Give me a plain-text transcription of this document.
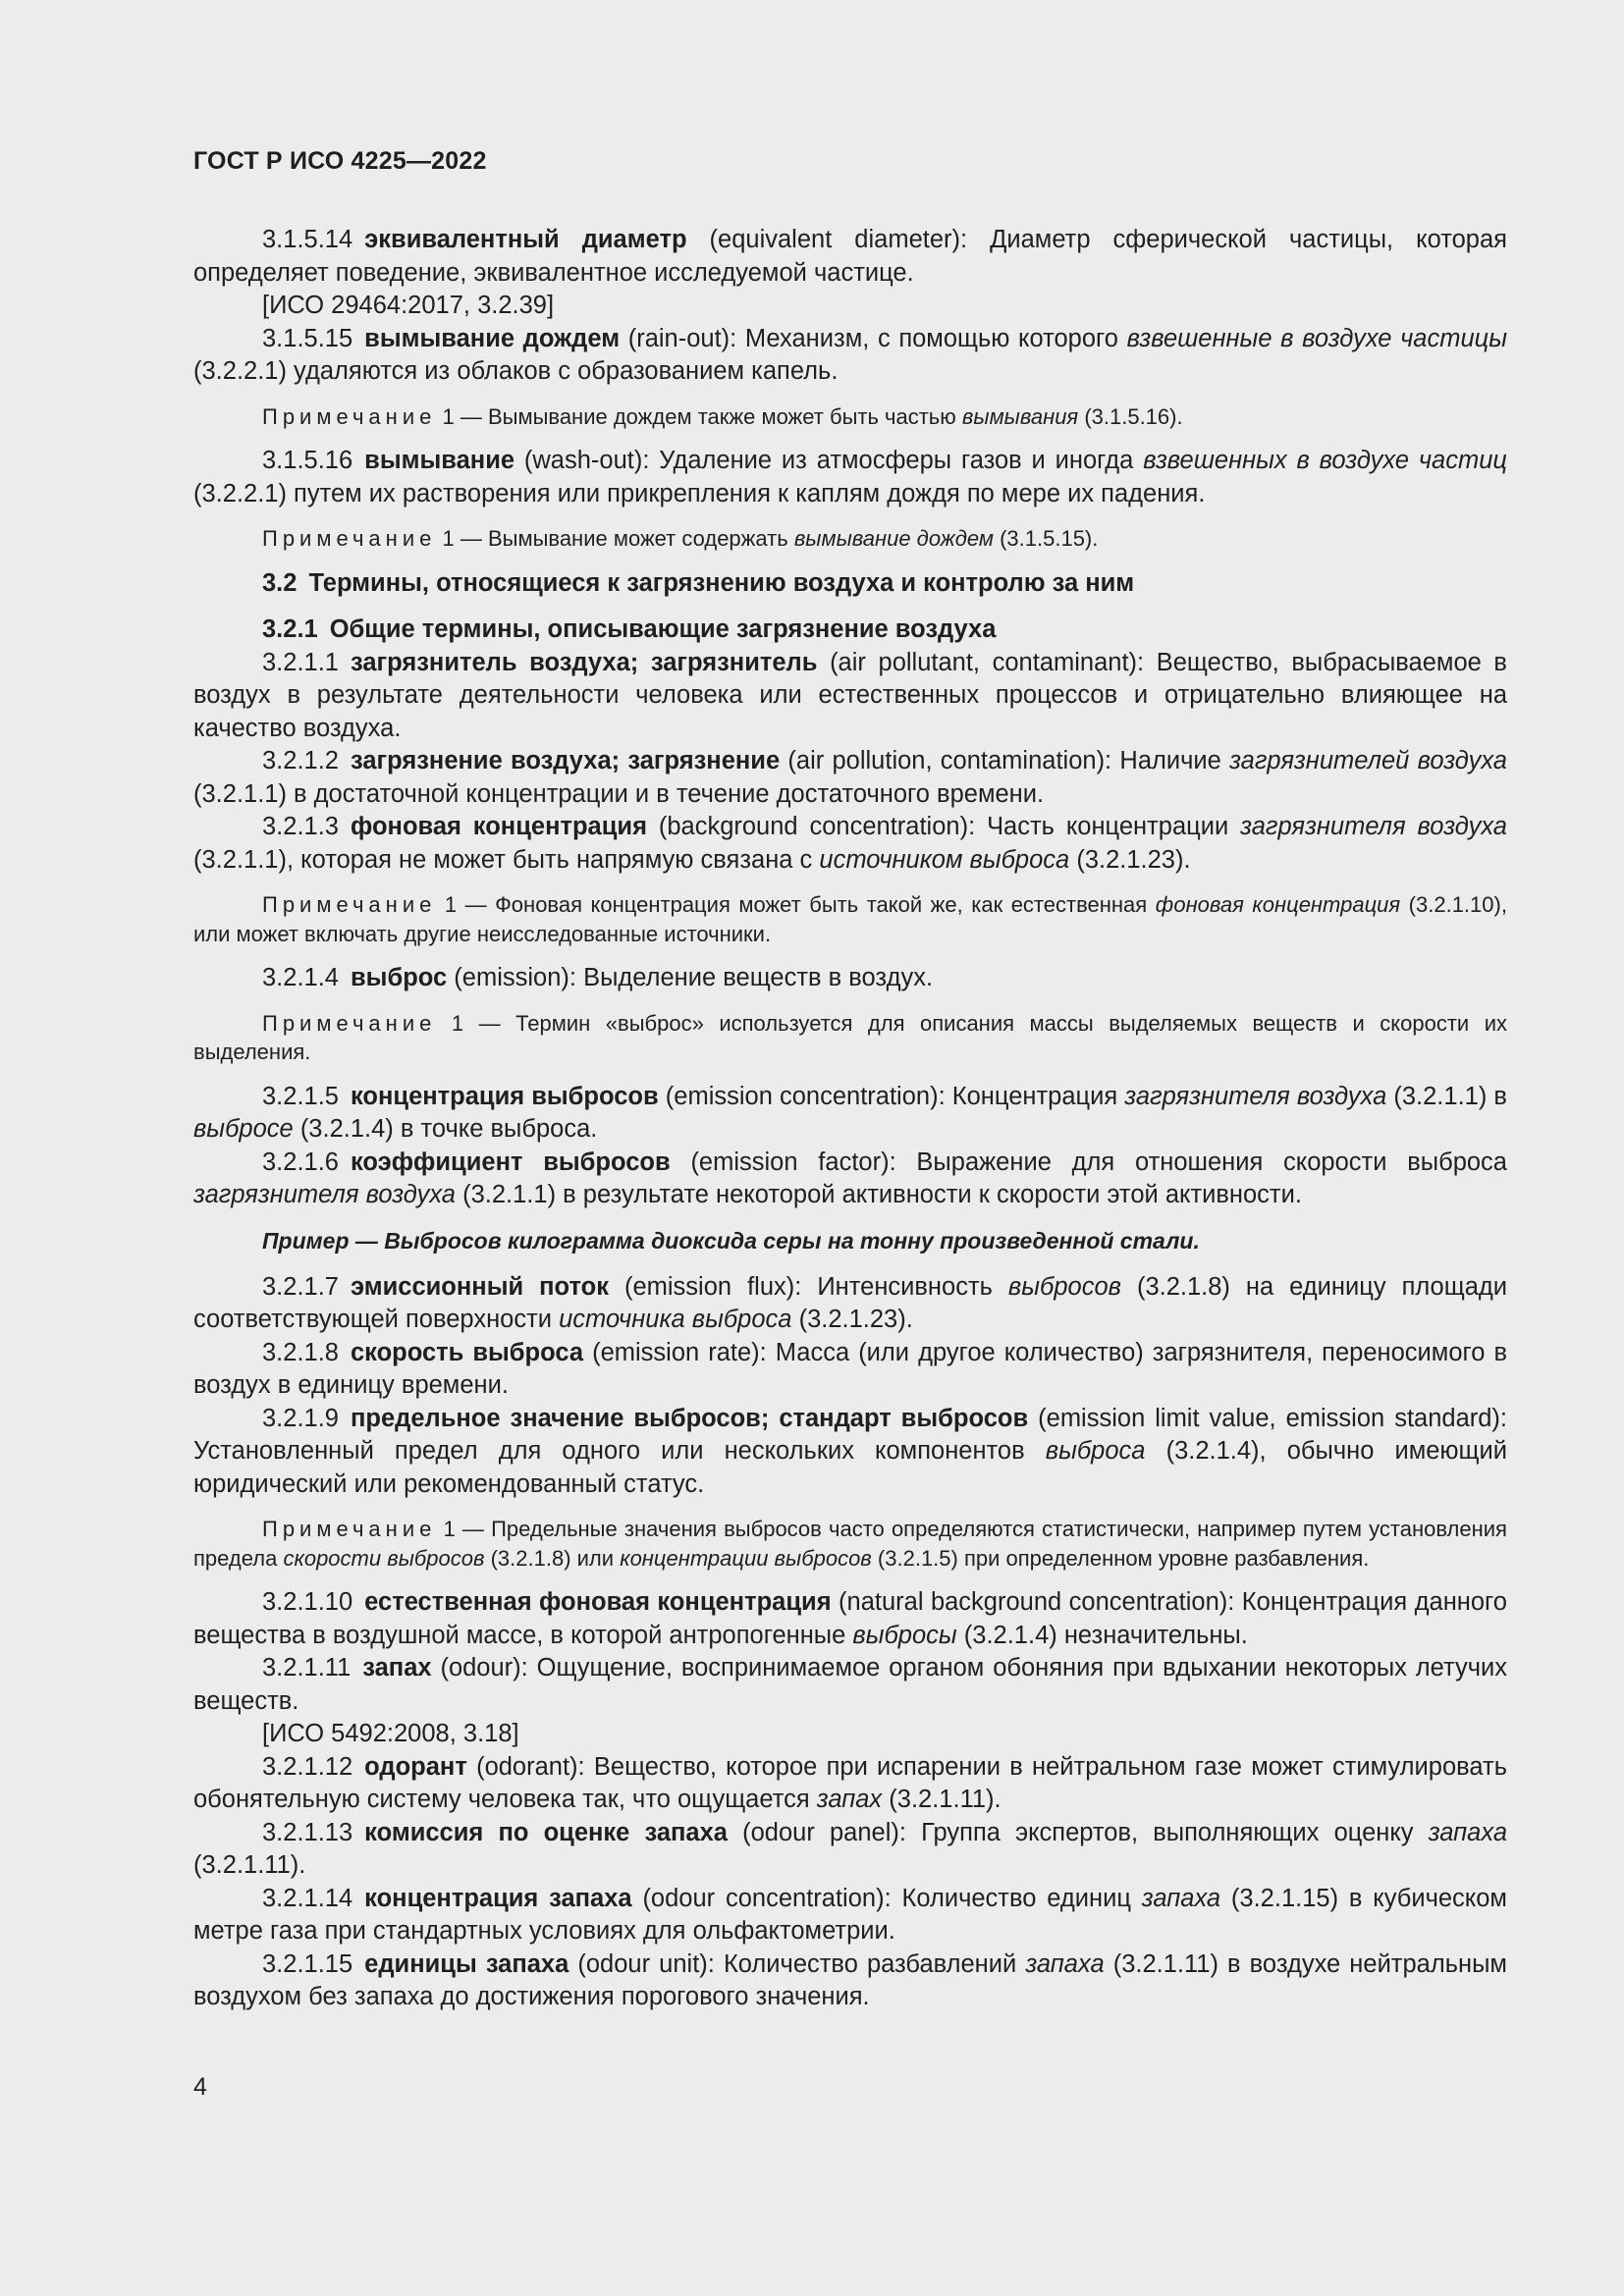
ГОСТ Р ИСО 4225—2022

3.1.5.14 эквивалентный диаметр (equivalent diameter): Диаметр сферической частицы, которая определяет поведение, эквивалентное исследуемой частице.

[ИСО 29464:2017, 3.2.39]

3.1.5.15 вымывание дождем (rain-out): Механизм, с помощью которого взвешенные в воздухе частицы (3.2.2.1) удаляются из облаков с образованием капель.

Примечание 1 — Вымывание дождем также может быть частью вымывания (3.1.5.16).

3.1.5.16 вымывание (wash-out): Удаление из атмосферы газов и иногда взвешенных в воздухе частиц (3.2.2.1) путем их растворения или прикрепления к каплям дождя по мере их падения.

Примечание 1 — Вымывание может содержать вымывание дождем (3.1.5.15).

3.2 Термины, относящиеся к загрязнению воздуха и контролю за ним

3.2.1 Общие термины, описывающие загрязнение воздуха

3.2.1.1 загрязнитель воздуха; загрязнитель (air pollutant, contaminant): Вещество, выбрасываемое в воздух в результате деятельности человека или естественных процессов и отрицательно влияющее на качество воздуха.

3.2.1.2 загрязнение воздуха; загрязнение (air pollution, contamination): Наличие загрязнителей воздуха (3.2.1.1) в достаточной концентрации и в течение достаточного времени.

3.2.1.3 фоновая концентрация (background concentration): Часть концентрации загрязнителя воздуха (3.2.1.1), которая не может быть напрямую связана с источником выброса (3.2.1.23).

Примечание 1 — Фоновая концентрация может быть такой же, как естественная фоновая концентрация (3.2.1.10), или может включать другие неисследованные источники.

3.2.1.4 выброс (emission): Выделение веществ в воздух.

Примечание 1 — Термин «выброс» используется для описания массы выделяемых веществ и скорости их выделения.

3.2.1.5 концентрация выбросов (emission concentration): Концентрация загрязнителя воздуха (3.2.1.1) в выбросе (3.2.1.4) в точке выброса.

3.2.1.6 коэффициент выбросов (emission factor): Выражение для отношения скорости выброса загрязнителя воздуха (3.2.1.1) в результате некоторой активности к скорости этой активности.

Пример — Выбросов килограмма диоксида серы на тонну произведенной стали.

3.2.1.7 эмиссионный поток (emission flux): Интенсивность выбросов (3.2.1.8) на единицу площади соответствующей поверхности источника выброса (3.2.1.23).

3.2.1.8 скорость выброса (emission rate): Масса (или другое количество) загрязнителя, переносимого в воздух в единицу времени.

3.2.1.9 предельное значение выбросов; стандарт выбросов (emission limit value, emission standard): Установленный предел для одного или нескольких компонентов выброса (3.2.1.4), обычно имеющий юридический или рекомендованный статус.

Примечание 1 — Предельные значения выбросов часто определяются статистически, например путем установления предела скорости выбросов (3.2.1.8) или концентрации выбросов (3.2.1.5) при определенном уровне разбавления.

3.2.1.10 естественная фоновая концентрация (natural background concentration): Концентрация данного вещества в воздушной массе, в которой антропогенные выбросы (3.2.1.4) незначительны.

3.2.1.11 запах (odour): Ощущение, воспринимаемое органом обоняния при вдыхании некоторых летучих веществ.

[ИСО 5492:2008, 3.18]

3.2.1.12 одорант (odorant): Вещество, которое при испарении в нейтральном газе может стимулировать обонятельную систему человека так, что ощущается запах (3.2.1.11).

3.2.1.13 комиссия по оценке запаха (odour panel): Группа экспертов, выполняющих оценку запаха (3.2.1.11).

3.2.1.14 концентрация запаха (odour concentration): Количество единиц запаха (3.2.1.15) в кубическом метре газа при стандартных условиях для ольфактометрии.

3.2.1.15 единицы запаха (odour unit): Количество разбавлений запаха (3.2.1.11) в воздухе нейтральным воздухом без запаха до достижения порогового значения.

4
